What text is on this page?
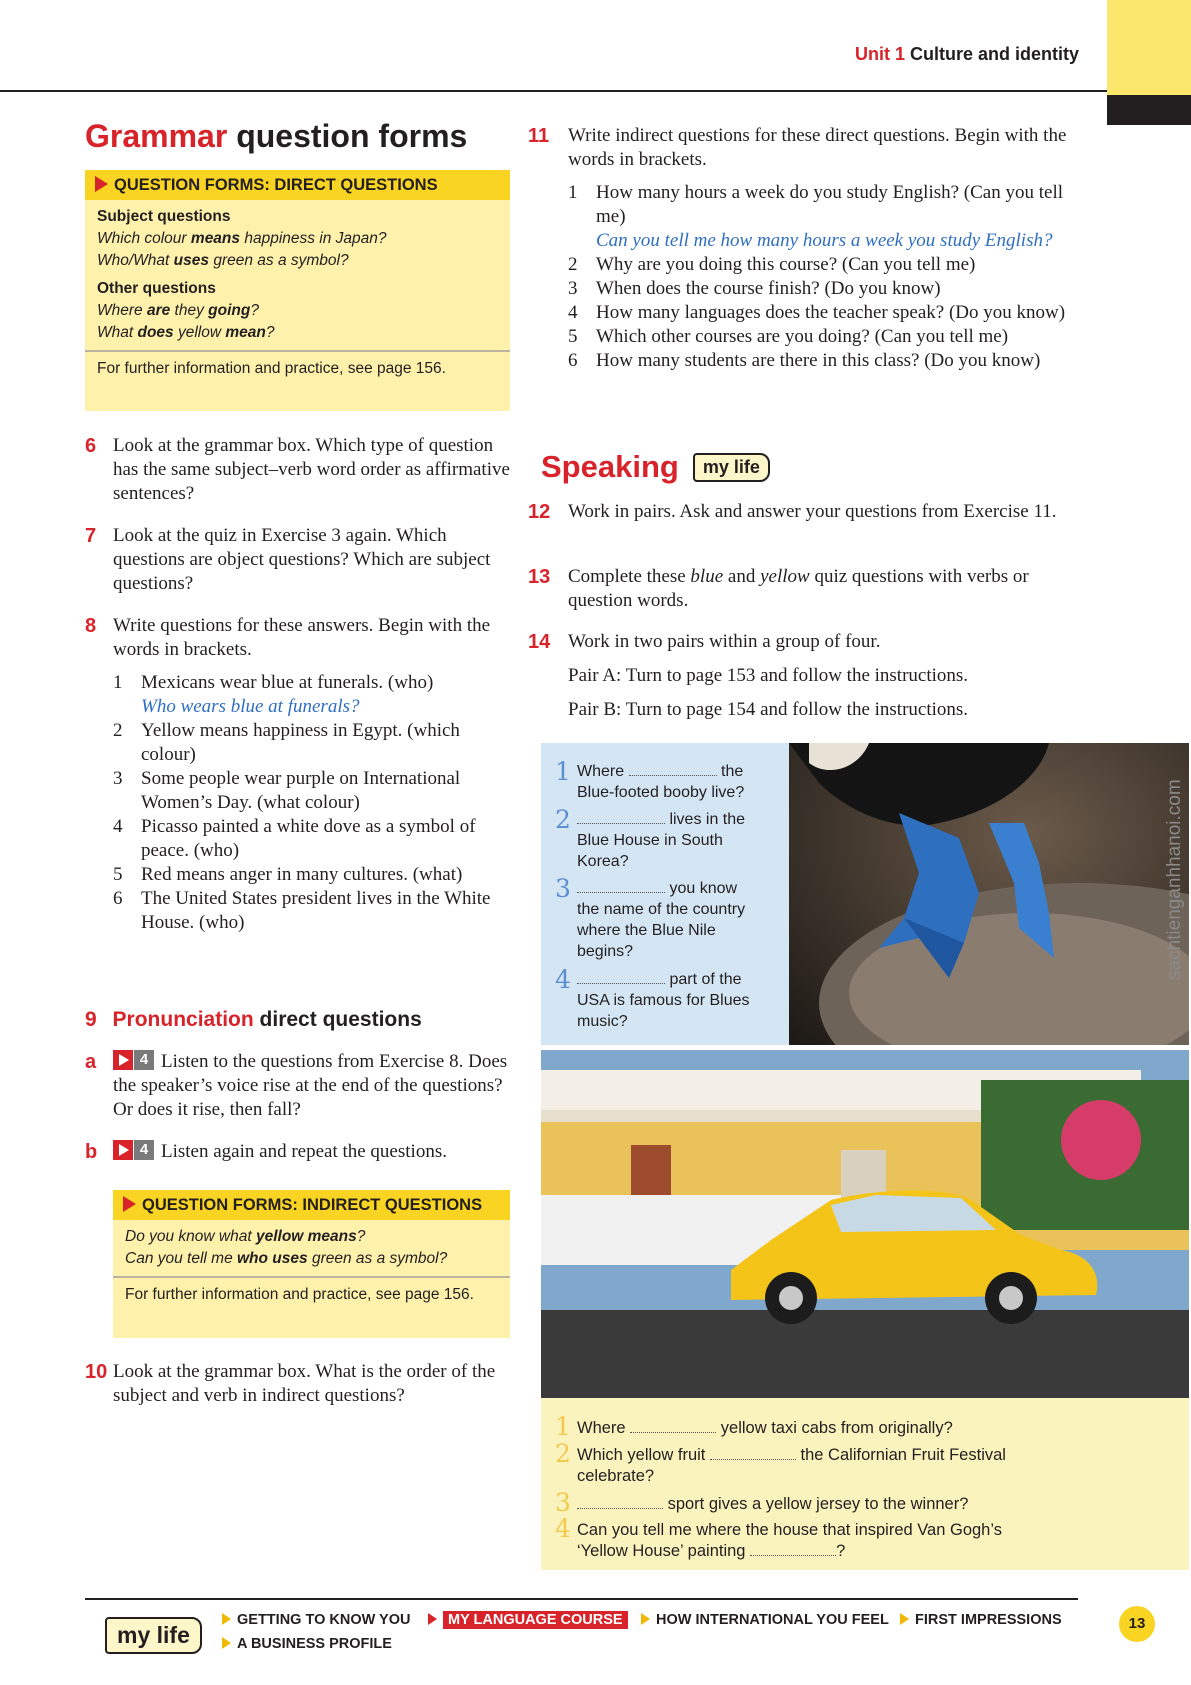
Unit 1 Culture and identity
Grammar question forms
QUESTION FORMS: DIRECT QUESTIONS
Subject questions
Which colour means happiness in Japan?
Who/What uses green as a symbol?
Other questions
Where are they going?
What does yellow mean?
For further information and practice, see page 156.
6 Look at the grammar box. Which type of question has the same subject–verb word order as affirmative sentences?
7 Look at the quiz in Exercise 3 again. Which questions are object questions? Which are subject questions?
8 Write questions for these answers. Begin with the words in brackets.
1 Mexicans wear blue at funerals. (who)
Who wears blue at funerals?
2 Yellow means happiness in Egypt. (which colour)
3 Some people wear purple on International Women’s Day. (what colour)
4 Picasso painted a white dove as a symbol of peace. (who)
5 Red means anger in many cultures. (what)
6 The United States president lives in the White House. (who)
9 Pronunciation direct questions
a	4 Listen to the questions from Exercise 8. Does the speaker’s voice rise at the end of the questions? Or does it rise, then fall?
b	4 Listen again and repeat the questions.
QUESTION FORMS: INDIRECT QUESTIONS
Do you know what yellow means?
Can you tell me who uses green as a symbol?
For further information and practice, see page 156.
10 Look at the grammar box. What is the order of the subject and verb in indirect questions?
11 Write indirect questions for these direct questions. Begin with the words in brackets.
1 How many hours a week do you study English? (Can you tell me)
Can you tell me how many hours a week you study English?
2 Why are you doing this course? (Can you tell me)
3 When does the course finish? (Do you know)
4 How many languages does the teacher speak? (Do you know)
5 Which other courses are you doing? (Can you tell me)
6 How many students are there in this class? (Do you know)
Speaking my life
12 Work in pairs. Ask and answer your questions from Exercise 11.
13 Complete these blue and yellow quiz questions with verbs or question words.
14 Work in two pairs within a group of four.
Pair A: Turn to page 153 and follow the instructions.
Pair B: Turn to page 154 and follow the instructions.
1 Where	the Blue-footed booby live?
2	lives in the Blue House in South Korea?
3	you know the name of the country where the Blue Nile begins?
4	part of the USA is famous for Blues music?
1 Where	yellow taxi cabs from originally?
2 Which yellow fruit	the Californian Fruit Festival celebrate?
3	sport gives a yellow jersey to the winner?
4 Can you tell me where the house that inspired Van Gogh’s ‘Yellow House’ painting	?
my life
GETTING TO KNOW YOU	MY LANGUAGE COURSE	HOW INTERNATIONAL YOU FEEL	FIRST IMPRESSIONS
A BUSINESS PROFILE
13
sachtienganhhanoi.com
